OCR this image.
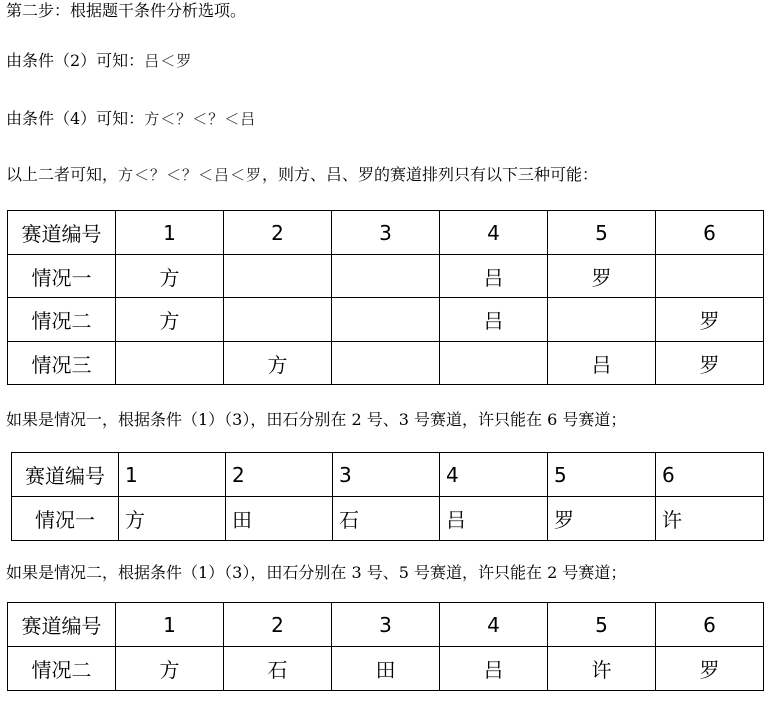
第二步：根据题干条件分析选项。
由条件（2）可知：吕＜罗
由条件（4）可知：方＜？＜？＜吕
以上二者可知，方＜？＜？＜吕＜罗，则方、吕、罗的赛道排列只有以下三种可能：
赛道编号	1	2	3	4	5	6
情况一	方			吕	罗	
情况二	方			吕		罗
情况三		方			吕	罗
如果是情况一，根据条件（1）（3），田石分别在 2 号、3 号赛道，许只能在 6 号赛道；
赛道编号	1	2	3	4	5	6
情况一	方	田	石	吕	罗	许
如果是情况二，根据条件（1）（3），田石分别在 3 号、5 号赛道，许只能在 2 号赛道；
赛道编号	1	2	3	4	5	6
情况二	方	石	田	吕	许	罗
